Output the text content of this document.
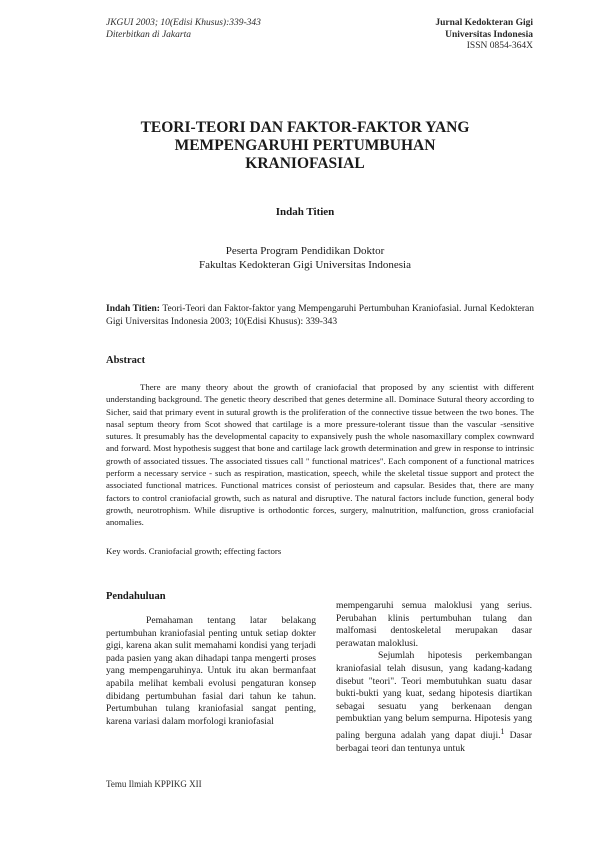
JKGUI 2003; 10(Edisi Khusus):339-343
Diterbitkan di Jakarta
Jurnal Kedokteran Gigi
Universitas Indonesia
ISSN 0854-364X
TEORI-TEORI DAN FAKTOR-FAKTOR YANG
MEMPENGARUHI PERTUMBUHAN
KRANIOFASIAL
Indah Titien
Peserta Program Pendidikan Doktor
Fakultas Kedokteran Gigi Universitas Indonesia
Indah Titien: Teori-Teori dan Faktor-faktor yang Mempengaruhi Pertumbuhan Kraniofasial. Jurnal Kedokteran Gigi Universitas Indonesia 2003; 10(Edisi Khusus): 339-343
Abstract
There are many theory about the growth of craniofacial that proposed by any scientist with different understanding background. The genetic theory described that genes determine all. Dominace Sutural theory according to Sicher, said that primary event in sutural growth is the proliferation of the connective tissue between the two bones. The nasal septum theory from Scot showed that cartilage is a more pressure-tolerant tissue than the vascular -sensitive sutures. It presumably has the developmental capacity to expansively push the whole nasomaxillary complex cownward and forward. Most hypothesis suggest that bone and cartilage lack growth determination and grew in response to intrinsic growth of associated tissues. The associated tissues call " functional matrices". Each component of a functional matrices perform a necessary service - such as respiration, mastication, speech, while the skeletal tissue support and protect the associated functional matrices. Functional matrices consist of periosteum and capsular. Besides that, there are many factors to control craniofacial growth, such as natural and disruptive. The natural factors include function, general body growth, neurotrophism. While disruptive is orthodontic forces, surgery, malnutrition, malfunction, gross craniofacial anomalies.
Key words. Craniofacial growth; effecting factors
Pendahuluan
Pemahaman tentang latar belakang pertumbuhan kraniofasial penting untuk setiap dokter gigi, karena akan sulit memahami kondisi yang terjadi pada pasien yang akan dihadapi tanpa mengerti proses yang mempengaruhinya. Untuk itu akan bermanfaat apabila melihat kembali evolusi pengaturan konsep dibidang pertumbuhan fasial dari tahun ke tahun. Pertumbuhan tulang kraniofasial sangat penting, karena variasi dalam morfologi kraniofasial

mempengaruhi semua maloklusi yang serius. Perubahan klinis pertumbuhan tulang dan malfomasi dentoskeletal merupakan dasar perawatan maloklusi.

Sejumlah hipotesis perkembangan kraniofasial telah disusun, yang kadang-kadang disebut "teori". Teori membutuhkan suatu dasar bukti-bukti yang kuat, sedang hipotesis diartikan sebagai sesuatu yang berkenaan dengan pembuktian yang belum sempurna. Hipotesis yang paling berguna adalah yang dapat diuji.$^1$ Dasar berbagai teori dan tentunya untuk

Temu Ilmiah KPPIKG XII
